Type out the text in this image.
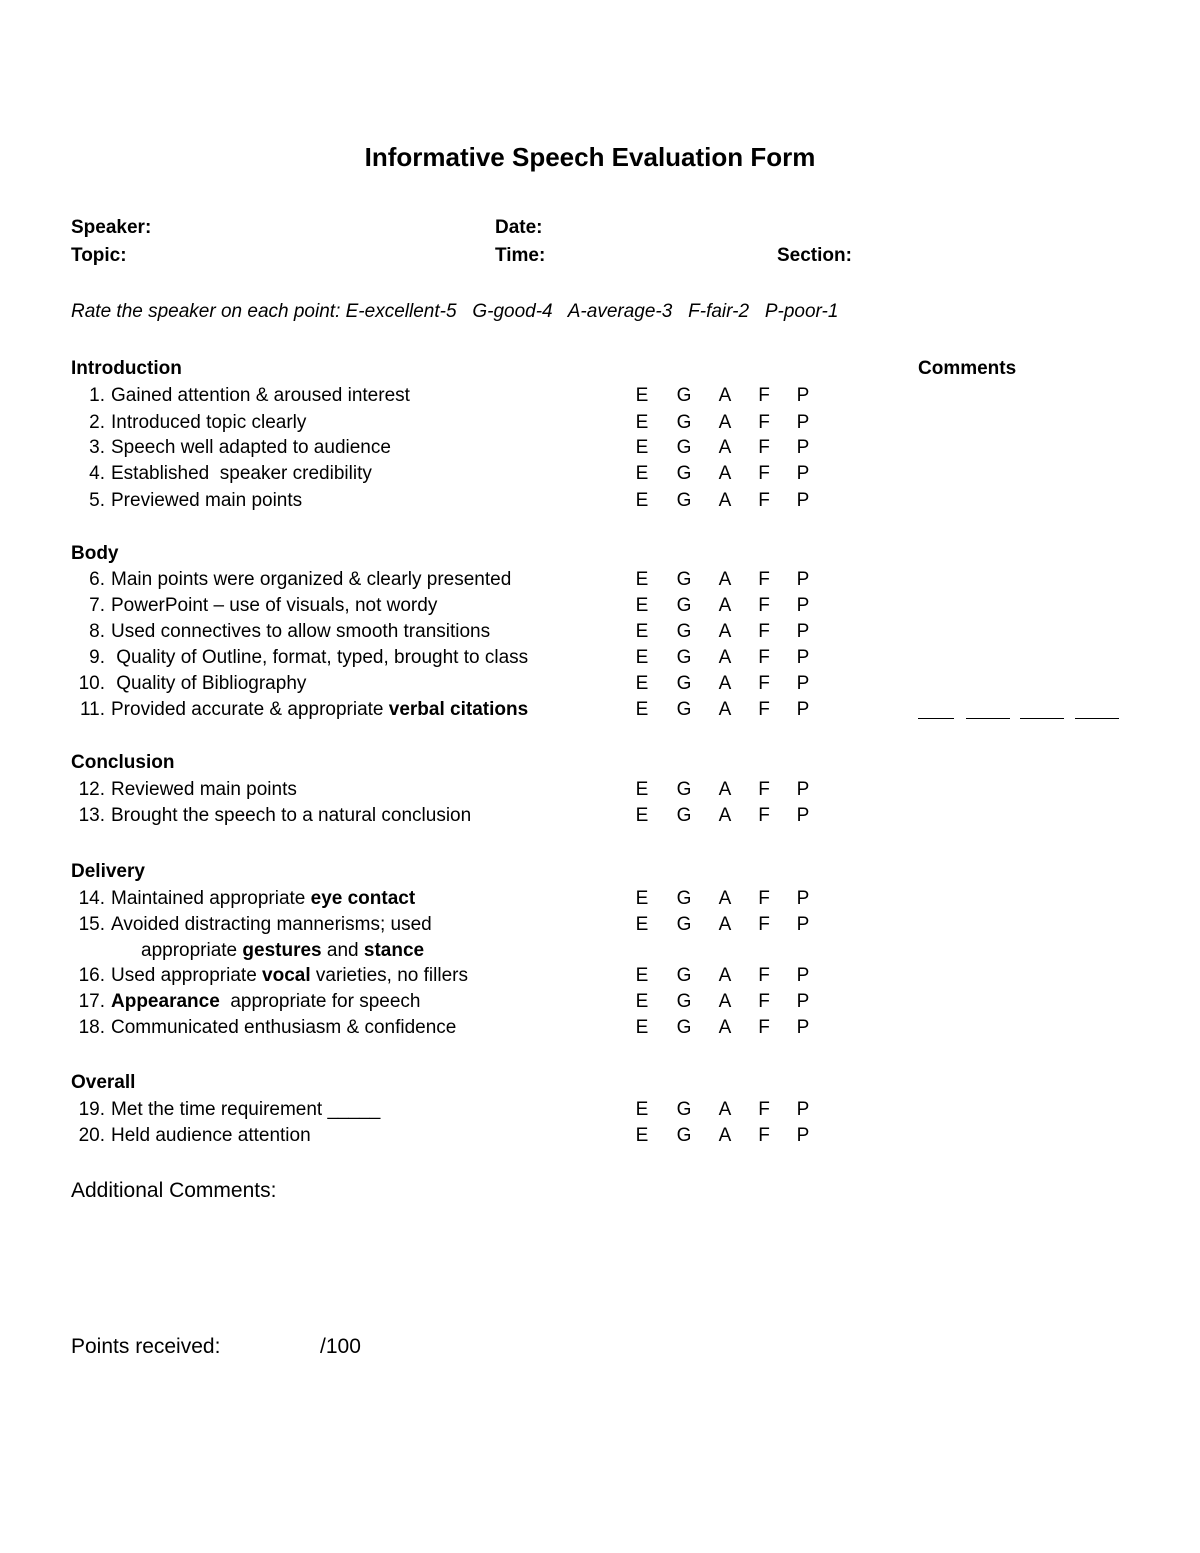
Informative Speech Evaluation Form
Speaker:	Date:
Topic:	Time:	Section:
Rate the speaker on each point: E-excellent-5   G-good-4   A-average-3   F-fair-2   P-poor-1
Introduction	Comments
Body
Conclusion
Delivery
Overall
1. Gained attention & aroused interest	E G A F P
2. Introduced topic clearly	E G A F P
3. Speech well adapted to audience	E G A F P
4. Established  speaker credibility	E G A F P
5. Previewed main points	E G A F P
6. Main points were organized & clearly presented	E G A F P
7. PowerPoint – use of visuals, not wordy	E G A F P
8. Used connectives to allow smooth transitions	E G A F P
9. Quality of Outline, format, typed, brought to class	E G A F P
10. Quality of Bibliography	E G A F P
11. Provided accurate & appropriate verbal citations	E G A F P
12. Reviewed main points	E G A F P
13. Brought the speech to a natural conclusion	E G A F P
14. Maintained appropriate eye contact	E G A F P
15. Avoided distracting mannerisms; used
appropriate gestures and stance
E G A F P
16. Used appropriate vocal varieties, no fillers	E G A F P
17. Appearance  appropriate for speech	E G A F P
18. Communicated enthusiasm & confidence	E G A F P
19. Met the time requirement _____	E G A F P
20. Held audience attention	E G A F P
Additional Comments:
Points received:	/100
